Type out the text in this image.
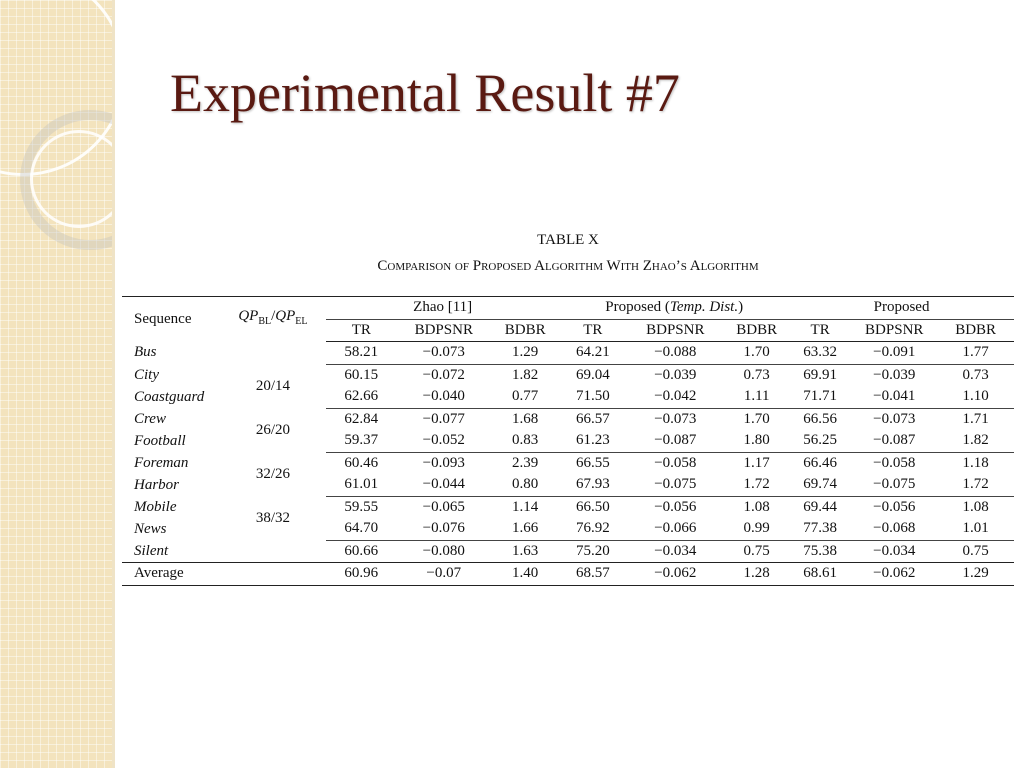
Experimental Result #7
TABLE X
Comparison of Proposed Algorithm With Zhao’s Algorithm
Sequence	$QP_{BL}/QP_{EL}$	Zhao [11]			Proposed (Temp. Dist.)			Proposed		
		TR	BDPSNR	BDBR	TR	BDPSNR	BDBR	TR	BDPSNR	BDBR
Bus		58.21	−0.073	1.29	64.21	−0.088	1.70	63.32	−0.091	1.77
City	20/14	60.15	−0.072	1.82	69.04	−0.039	0.73	69.91	−0.039	0.73
Coastguard		62.66	−0.040	0.77	71.50	−0.042	1.11	71.71	−0.041	1.10
Crew	26/20	62.84	−0.077	1.68	66.57	−0.073	1.70	66.56	−0.073	1.71
Football		59.37	−0.052	0.83	61.23	−0.087	1.80	56.25	−0.087	1.82
Foreman	32/26	60.46	−0.093	2.39	66.55	−0.058	1.17	66.46	−0.058	1.18
Harbor		61.01	−0.044	0.80	67.93	−0.075	1.72	69.74	−0.075	1.72
Mobile	38/32	59.55	−0.065	1.14	66.50	−0.056	1.08	69.44	−0.056	1.08
News		64.70	−0.076	1.66	76.92	−0.066	0.99	77.38	−0.068	1.01
Silent		60.66	−0.080	1.63	75.20	−0.034	0.75	75.38	−0.034	0.75
Average		60.96	−0.07	1.40	68.57	−0.062	1.28	68.61	−0.062	1.29
